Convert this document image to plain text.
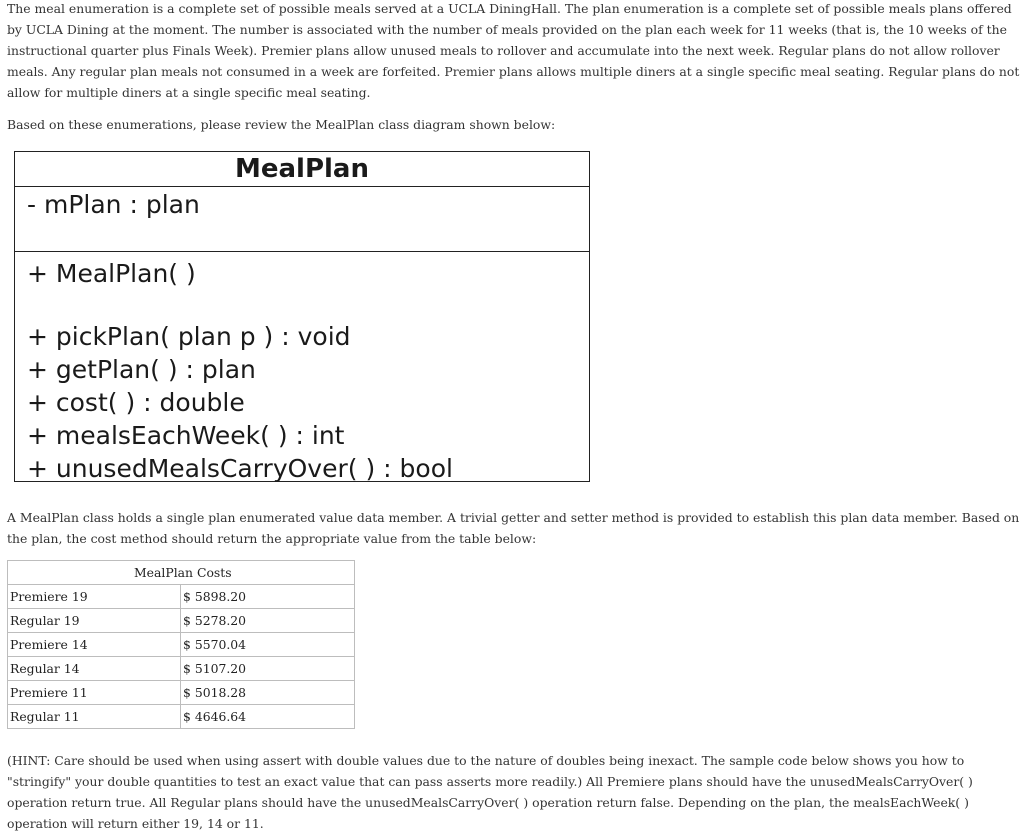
The meal enumeration is a complete set of possible meals served at a UCLA DiningHall. The plan enumeration is a complete set of possible meals plans offered by UCLA Dining at the moment. The number is associated with the number of meals provided on the plan each week for 11 weeks (that is, the 10 weeks of the instructional quarter plus Finals Week). Premier plans allow unused meals to rollover and accumulate into the next week. Regular plans do not allow rollover meals. Any regular plan meals not consumed in a week are forfeited. Premier plans allows multiple diners at a single specific meal seating. Regular plans do not allow for multiple diners at a single specific meal seating.

Based on these enumerations, please review the MealPlan class diagram shown below:

MealPlan
- mPlan : plan
+ MealPlan( )
+ pickPlan( plan p ) : void
+ getPlan( ) : plan
+ cost( ) : double
+ mealsEachWeek( ) : int
+ unusedMealsCarryOver( ) : bool

A MealPlan class holds a single plan enumerated value data member. A trivial getter and setter method is provided to establish this plan data member. Based on the plan, the cost method should return the appropriate value from the table below:

MealPlan Costs	
Premiere 19	$ 5898.20
Regular 19	$ 5278.20
Premiere 14	$ 5570.04
Regular 14	$ 5107.20
Premiere 11	$ 5018.28
Regular 11	$ 4646.64

(HINT: Care should be used when using assert with double values due to the nature of doubles being inexact. The sample code below shows you how to "stringify" your double quantities to test an exact value that can pass asserts more readily.) All Premiere plans should have the unusedMealsCarryOver( ) operation return true. All Regular plans should have the unusedMealsCarryOver( ) operation return false. Depending on the plan, the mealsEachWeek( ) operation will return either 19, 14 or 11.
